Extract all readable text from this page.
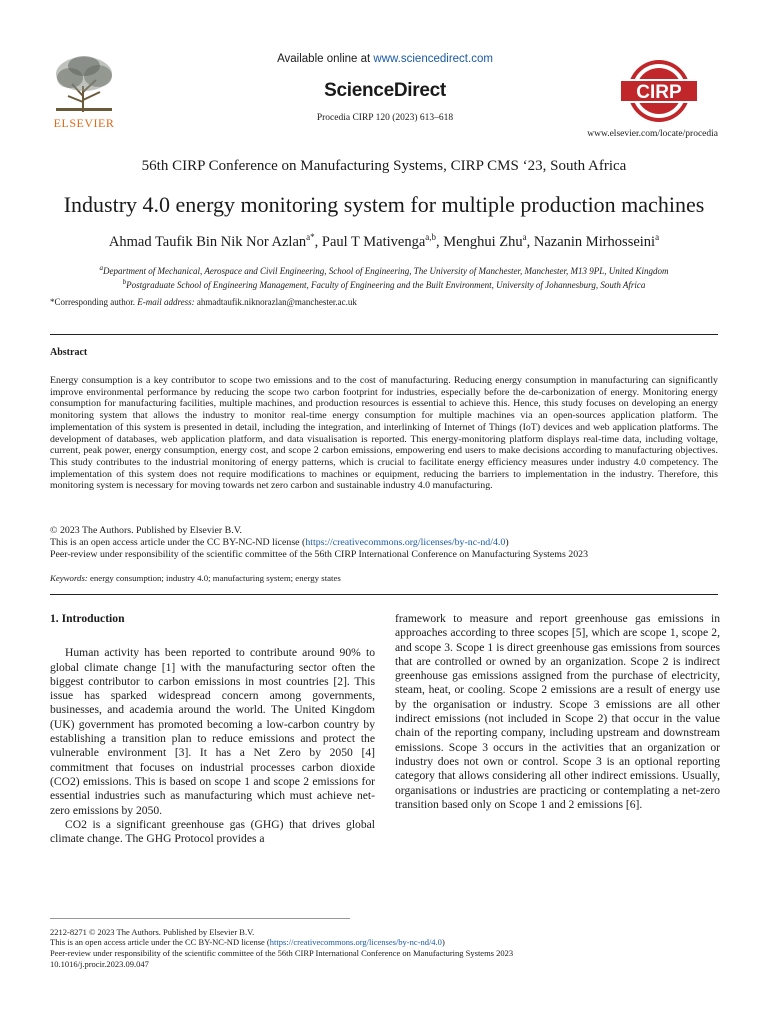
ELSEVIER
Available online at www.sciencedirect.com
ScienceDirect
Procedia CIRP 120 (2023) 613–618
CIRP
www.elsevier.com/locate/procedia
56th CIRP Conference on Manufacturing Systems, CIRP CMS ‘23, South Africa
Industry 4.0 energy monitoring system for multiple production machines
Ahmad Taufik Bin Nik Nor Azlan$^{a*}$, Paul T Mativenga$^{a,b}$, Menghui Zhu$^a$, Nazanin Mirhosseini$^a$
$^a$Department of Mechanical, Aerospace and Civil Engineering, School of Engineering, The University of Manchester, Manchester, M13 9PL, United Kingdom
$^b$Postgraduate School of Engineering Management, Faculty of Engineering and the Built Environment, University of Johannesburg, South Africa
*Corresponding author. E-mail address: ahmadtaufik.niknorazlan@manchester.ac.uk
Abstract
Energy consumption is a key contributor to scope two emissions and to the cost of manufacturing. Reducing energy consumption in manufacturing can significantly improve environmental performance by reducing the scope two carbon footprint for industries, especially before the de-carbonization of energy. Monitoring energy consumption for manufacturing facilities, multiple machines, and production resources is essential to achieve this. Hence, this study focuses on developing an energy monitoring system that allows the industry to monitor real-time energy consumption for multiple machines via an open-sources application platform. The implementation of this system is presented in detail, including the integration, and interlinking of Internet of Things (IoT) devices and web application platforms. The development of databases, web application platform, and data visualisation is reported. This energy-monitoring platform displays real-time data, including voltage, current, peak power, energy consumption, energy cost, and scope 2 carbon emissions, empowering end users to make decisions according to manufacturing objectives. This study contributes to the industrial monitoring of energy patterns, which is crucial to facilitate energy efficiency measures under industry 4.0 competency. The implementation of this system does not require modifications to machines or equipment, reducing the barriers to implementation in the industry. Therefore, this monitoring system is necessary for moving towards net zero carbon and sustainable industry 4.0 manufacturing.
© 2023 The Authors. Published by Elsevier B.V.
This is an open access article under the CC BY-NC-ND license (https://creativecommons.org/licenses/by-nc-nd/4.0)
Peer-review under responsibility of the scientific committee of the 56th CIRP International Conference on Manufacturing Systems 2023
Keywords: energy consumption; industry 4.0; manufacturing system; energy states
1. Introduction

Human activity has been reported to contribute around 90% to global climate change [1] with the manufacturing sector often the biggest contributor to carbon emissions in most countries [2]. This issue has sparked widespread concern among governments, businesses, and academia around the world. The United Kingdom (UK) government has promoted becoming a low-carbon country by establishing a transition plan to reduce emissions and protect the vulnerable environment [3]. It has a Net Zero by 2050 [4] commitment that focuses on industrial processes carbon dioxide (CO2) emissions. This is based on scope 1 and scope 2 emissions for essential industries such as manufacturing which must achieve net-zero emissions by 2050.

CO2 is a significant greenhouse gas (GHG) that drives global climate change. The GHG Protocol provides a

framework to measure and report greenhouse gas emissions in approaches according to three scopes [5], which are scope 1, scope 2, and scope 3. Scope 1 is direct greenhouse gas emissions from sources that are controlled or owned by an organization. Scope 2 is indirect greenhouse gas emissions assigned from the purchase of electricity, steam, heat, or cooling. Scope 2 emissions are a result of energy use by the organisation or industry. Scope 3 emissions are all other indirect emissions (not included in Scope 2) that occur in the value chain of the reporting company, including upstream and downstream emissions. Scope 3 occurs in the activities that an organization or industry does not own or control. Scope 3 is an optional reporting category that allows considering all other indirect emissions. Usually, organisations or industries are practicing or contemplating a net-zero transition based only on Scope 1 and 2 emissions [6].

2212-8271 © 2023 The Authors. Published by Elsevier B.V.
This is an open access article under the CC BY-NC-ND license (https://creativecommons.org/licenses/by-nc-nd/4.0)
Peer-review under responsibility of the scientific committee of the 56th CIRP International Conference on Manufacturing Systems 2023
10.1016/j.procir.2023.09.047
